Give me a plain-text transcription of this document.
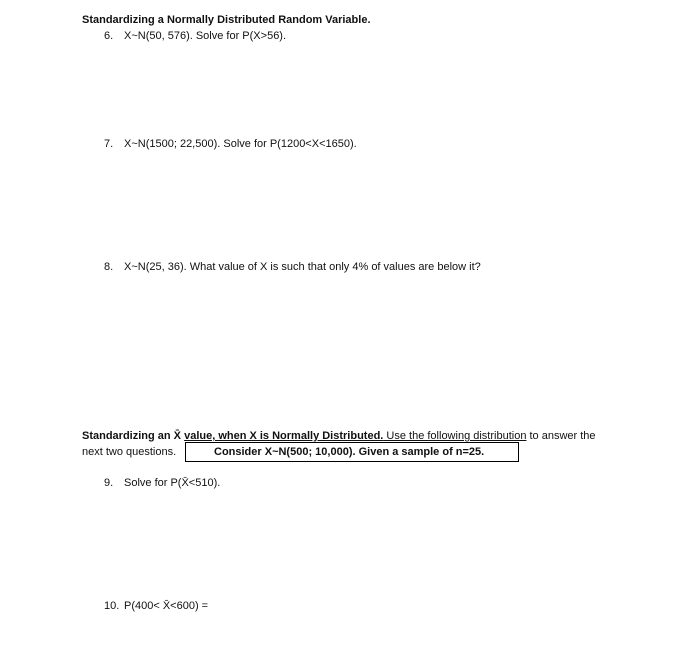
Standardizing a Normally Distributed Random Variable.
6. X~N(50, 576). Solve for P(X>56).
7. X~N(1500; 22,500). Solve for P(1200<X<1650).
8. X~N(25, 36). What value of X is such that only 4% of values are below it?
Standardizing an X̄ value, when X is Normally Distributed. Use the following distribution to answer the
next two questions.	Consider X~N(500; 10,000). Given a sample of n=25.
9. Solve for P(X̄<510).
10. P(400< X̄<600) =
